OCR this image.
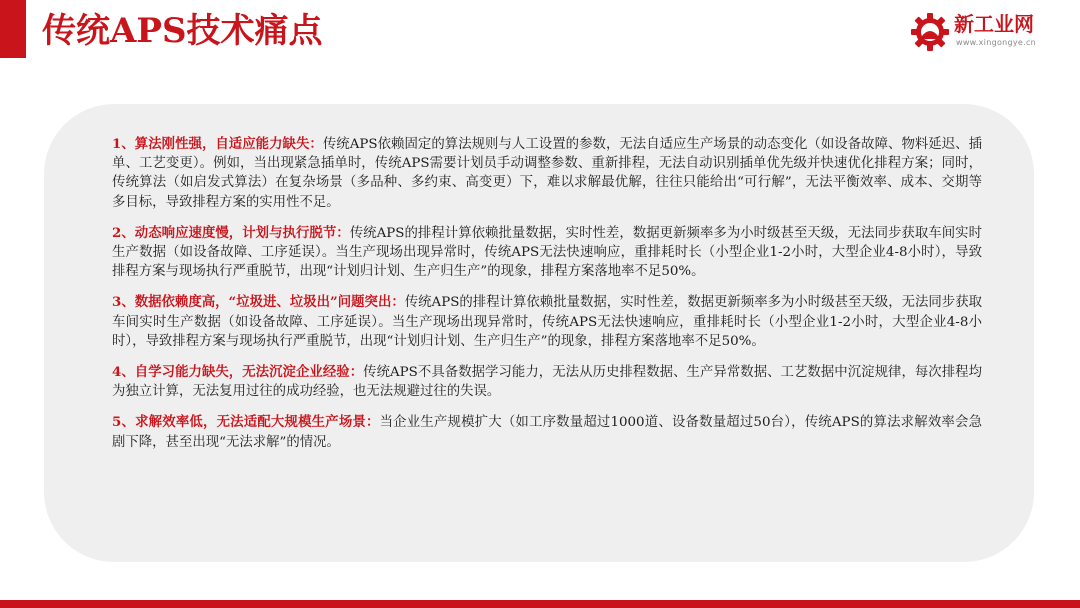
传统APS技术痛点	新工业网
www.xingongye.cn

1、算法刚性强，自适应能力缺失：传统APS依赖固定的算法规则与人工设置的参数，无法自适应生产场景的动态变化（如设备故障、物料延迟、插单、工艺变更）。例如，当出现紧急插单时，传统APS需要计划员手动调整参数、重新排程，无法自动识别插单优先级并快速优化排程方案；同时，传统算法（如启发式算法）在复杂场景（多品种、多约束、高变更）下，难以求解最优解，往往只能给出“可行解”，无法平衡效率、成本、交期等多目标，导致排程方案的实用性不足。

2、动态响应速度慢，计划与执行脱节：传统APS的排程计算依赖批量数据，实时性差，数据更新频率多为小时级甚至天级，无法同步获取车间实时生产数据（如设备故障、工序延误）。当生产现场出现异常时，传统APS无法快速响应，重排耗时长（小型企业1-2小时，大型企业4-8小时），导致排程方案与现场执行严重脱节，出现“计划归计划、生产归生产”的现象，排程方案落地率不足50%。

3、数据依赖度高，“垃圾进、垃圾出”问题突出：传统APS的排程计算依赖批量数据，实时性差，数据更新频率多为小时级甚至天级，无法同步获取车间实时生产数据（如设备故障、工序延误）。当生产现场出现异常时，传统APS无法快速响应，重排耗时长（小型企业1-2小时，大型企业4-8小时），导致排程方案与现场执行严重脱节，出现“计划归计划、生产归生产”的现象，排程方案落地率不足50%。

4、自学习能力缺失，无法沉淀企业经验：传统APS不具备数据学习能力，无法从历史排程数据、生产异常数据、工艺数据中沉淀规律，每次排程均为独立计算，无法复用过往的成功经验，也无法规避过往的失误。

5、求解效率低，无法适配大规模生产场景：当企业生产规模扩大（如工序数量超过1000道、设备数量超过50台），传统APS的算法求解效率会急剧下降，甚至出现“无法求解”的情况。
